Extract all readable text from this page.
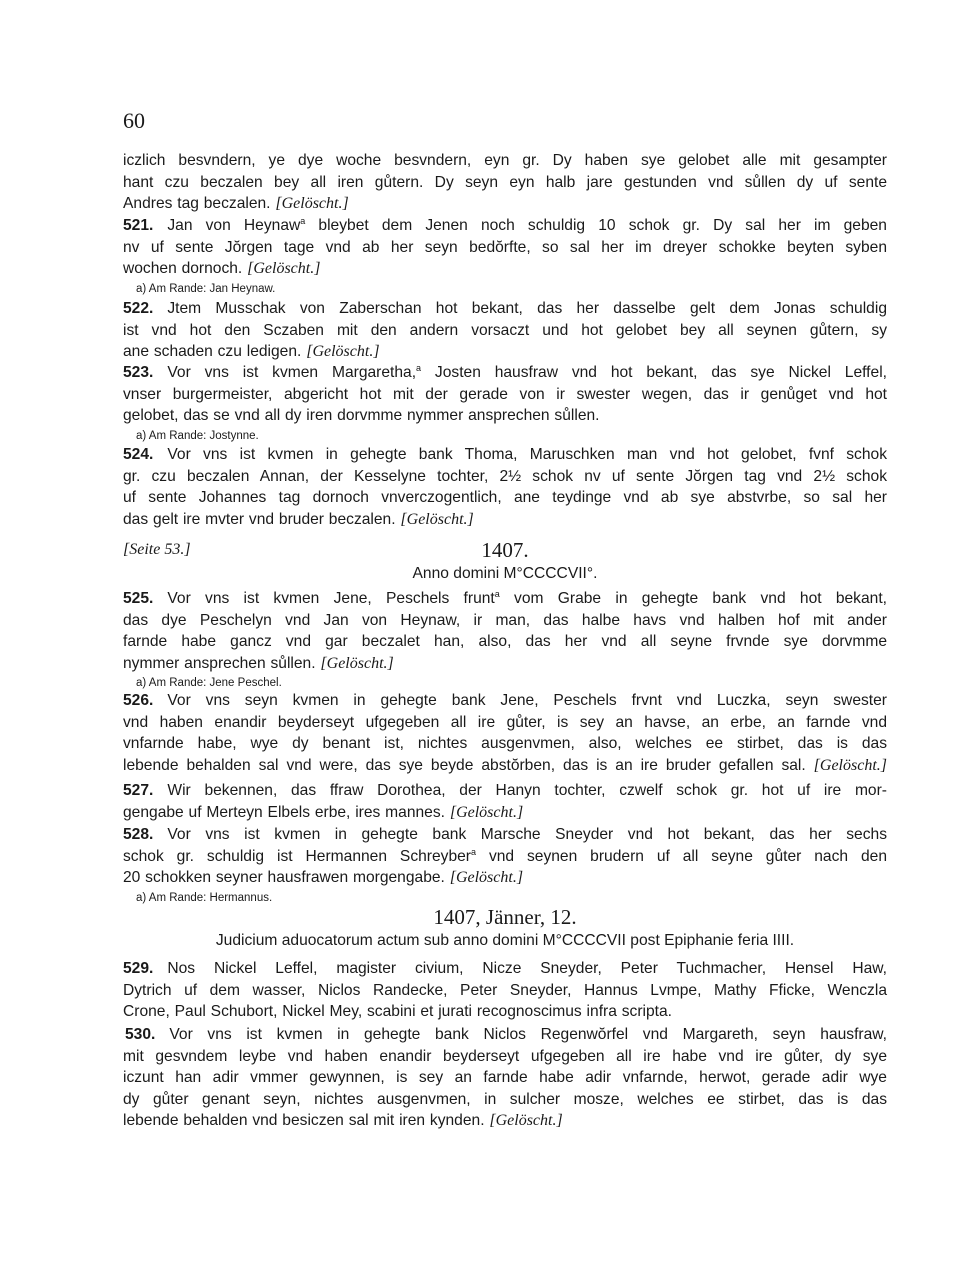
60

iczlich besvndern, ye dye woche besvndern, eyn gr. Dy haben sye gelobet alle mit gesampter

hant czu beczalen bey all iren gůtern. Dy seyn eyn halb jare gestunden vnd sůllen dy uf sente

Andres tag beczalen. [Gelöscht.]

521. Jan von Heynaw$^a$ bleybet dem Jenen noch schuldig 10 schok gr. Dy sal her im geben

nv uf sente Jŏrgen tage vnd ab her seyn bedŏrfte, so sal her im dreyer schokke beyten syben

wochen dornoch. [Gelöscht.]

a) Am Rande: Jan Heynaw.

522. Jtem Musschak von Zaberschan hot bekant, das her dasselbe gelt dem Jonas schuldig

ist vnd hot den Sczaben mit den andern vorsaczt und hot gelobet bey all seynen gůtern, sy

ane schaden czu ledigen. [Gelöscht.]

523. Vor vns ist kvmen Margaretha,$^a$ Josten hausfraw vnd hot bekant, das sye Nickel Leffel,

vnser burgermeister, abgericht hot mit der gerade von ir swester wegen, das ir genůget vnd hot

gelobet, das se vnd all dy iren dorvmme nymmer ansprechen sůllen.

a) Am Rande: Jostynne.

524. Vor vns ist kvmen in gehegte bank Thoma, Maruschken man vnd hot gelobet, fvnf schok

gr. czu beczalen Annan, der Kesselyne tochter, 2½ schok nv uf sente Jŏrgen tag vnd 2½ schok

uf sente Johannes tag dornoch vnverczogentlich, ane teydinge vnd ab sye abstvrbe, so sal her

das gelt ire mvter vnd bruder beczalen. [Gelöscht.]

[Seite 53.]	1407.

Anno domini M°CCCCVII°.

525. Vor vns ist kvmen Jene, Peschels frunt$^a$ vom Grabe in gehegte bank vnd hot bekant,

das dye Peschelyn vnd Jan von Heynaw, ir man, das halbe havs vnd halben hof mit ander

farnde habe gancz vnd gar beczalet han, also, das her vnd all seyne frvnde sye dorvmme

nymmer ansprechen sůllen. [Gelöscht.]

a) Am Rande: Jene Peschel.

526. Vor vns seyn kvmen in gehegte bank Jene, Peschels frvnt vnd Luczka, seyn swester

vnd haben enandir beyderseyt ufgegeben all ire gůter, is sey an havse, an erbe, an farnde vnd

vnfarnde habe, wye dy benant ist, nichtes ausgenvmen, also, welches ee stirbet, das is das

lebende behalden sal vnd were, das sye beyde abstŏrben, das is an ire bruder gefallen sal. [Gelöscht.]

527. Wir bekennen, das ffraw Dorothea, der Hanyn tochter, czwelf schok gr. hot uf ire mor-

gengabe uf Merteyn Elbels erbe, ires mannes. [Gelöscht.]

528. Vor vns ist kvmen in gehegte bank Marsche Sneyder vnd hot bekant, das her sechs

schok gr. schuldig ist Hermannen Schreyber$^a$ vnd seynen brudern uf all seyne gůter nach den

20 schokken seyner hausfrawen morgengabe. [Gelöscht.]

a) Am Rande: Hermannus.

1407, Jänner, 12.

Judicium aduocatorum actum sub anno domini M°CCCCVII post Epiphanie feria IIII.

529. Nos Nickel Leffel, magister civium, Nicze Sneyder, Peter Tuchmacher, Hensel Haw,

Dytrich uf dem wasser, Niclos Randecke, Peter Sneyder, Hannus Lvmpe, Mathy Fficke, Wenczla

Crone, Paul Schubort, Nickel Mey, scabini et jurati recognoscimus infra scripta.

530. Vor vns ist kvmen in gehegte bank Niclos Regenwŏrfel vnd Margareth, seyn hausfraw,

mit gesvndem leybe vnd haben enandir beyderseyt ufgegeben all ire habe vnd ire gůter, dy sye

iczunt han adir vmmer gewynnen, is sey an farnde habe adir vnfarnde, herwot, gerade adir wye

dy gůter genant seyn, nichtes ausgenvmen, in sulcher mosze, welches ee stirbet, das is das

lebende behalden vnd besiczen sal mit iren kynden. [Gelöscht.]
